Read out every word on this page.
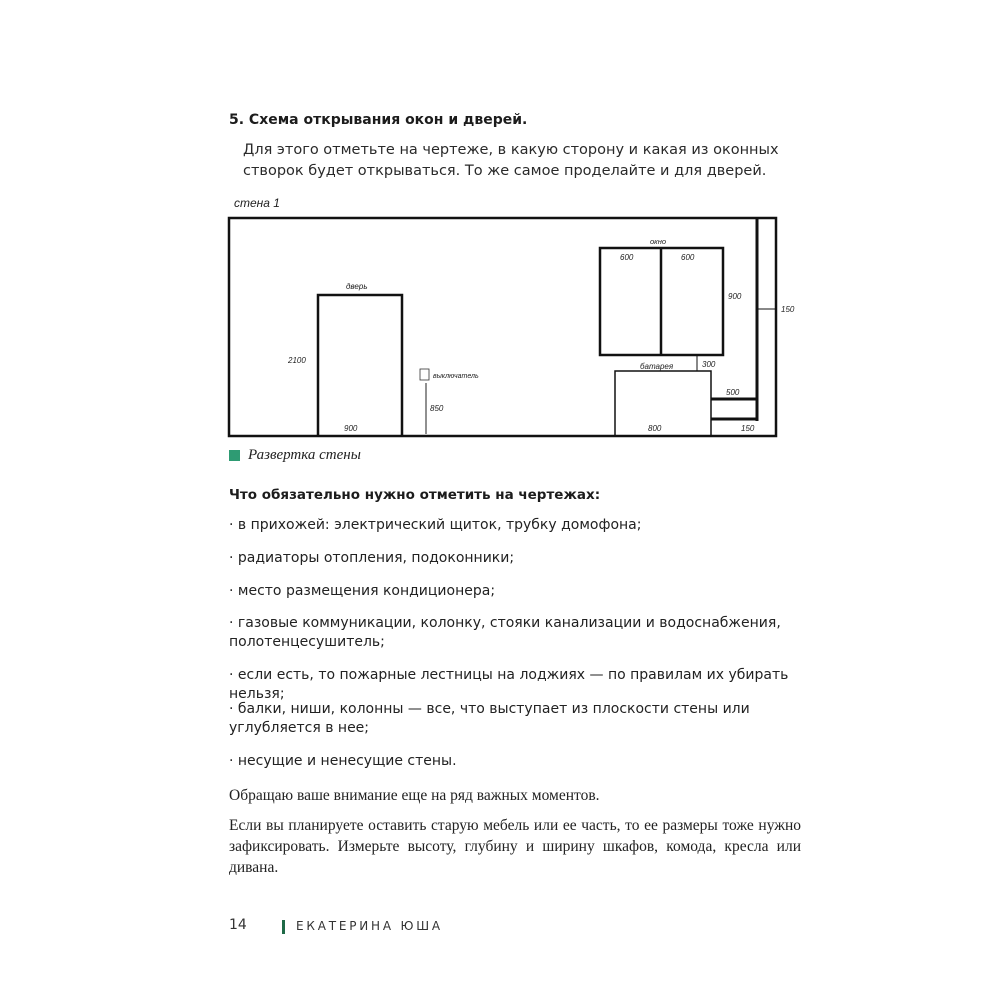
5. Схема открывания окон и дверей.
Для этого отметьте на чертеже, в какую сторону и какая из оконных створок будет открываться. То же самое проделайте и для дверей.
стена 1
дверь
2100
900
выключатель
850
окно
600	600
900
150
батарея	300
800
500
150
Развертка стены
Что обязательно нужно отметить на чертежах:
· в прихожей: электрический щиток, трубку домофона;
· радиаторы отопления, подоконники;
· место размещения кондиционера;
· газовые коммуникации, колонку, стояки канализации и водоснабжения, полотенцесушитель;
· если есть, то пожарные лестницы на лоджиях — по правилам их убирать нельзя;
· балки, ниши, колонны — все, что выступает из плоскости стены или углубляется в нее;
· несущие и ненесущие стены.
Обращаю ваше внимание еще на ряд важных моментов.
Если вы планируете оставить старую мебель или ее часть, то ее размеры тоже нужно зафиксировать. Измерьте высоту, глубину и ширину шкафов, комода, кресла или дивана.
14	ЕКАТЕРИНА ЮША
